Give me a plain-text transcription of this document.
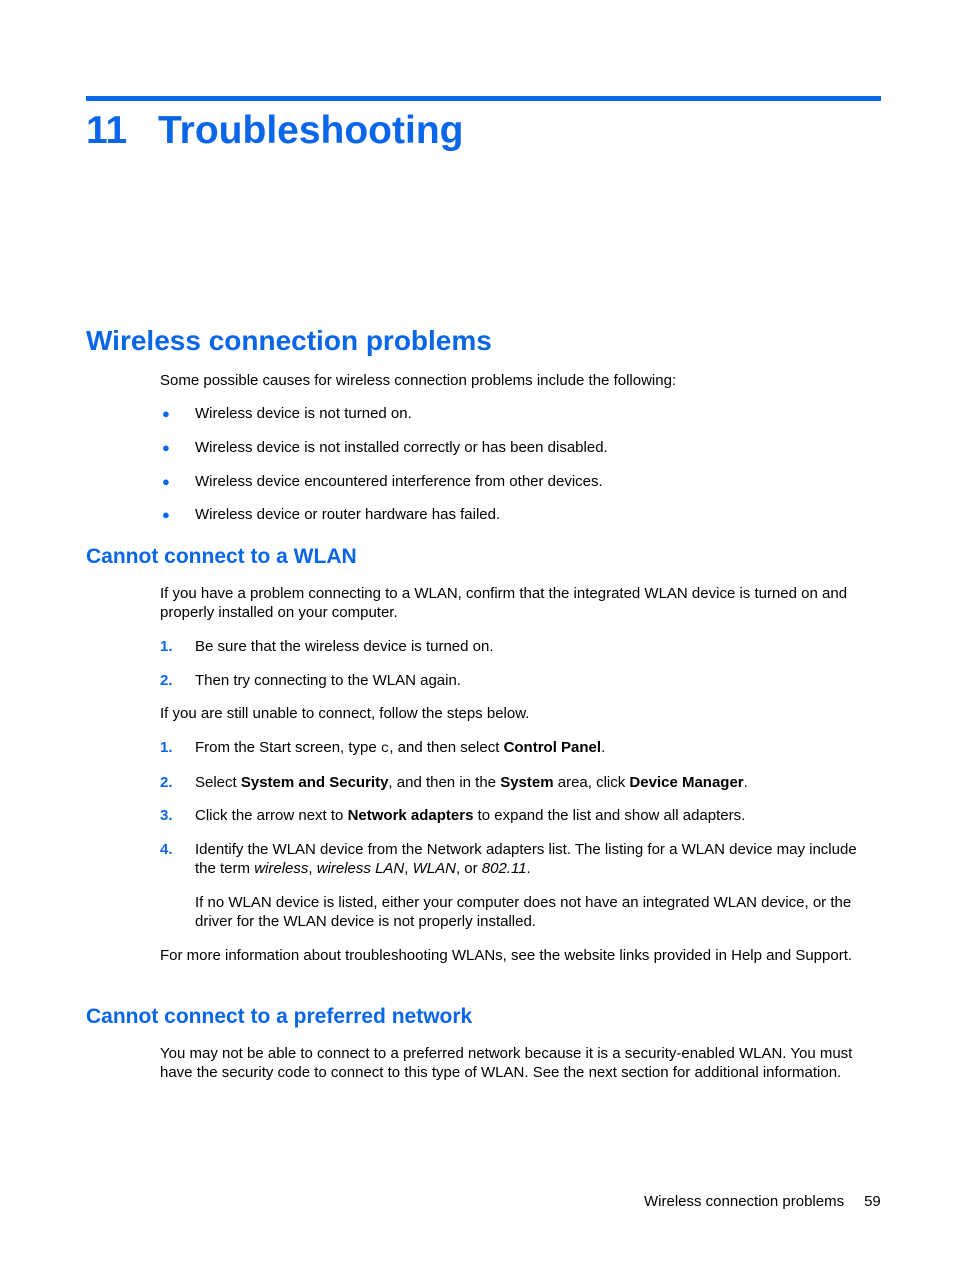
11 Troubleshooting
Wireless connection problems

Some possible causes for wireless connection problems include the following:

● Wireless device is not turned on.
● Wireless device is not installed correctly or has been disabled.
● Wireless device encountered interference from other devices.
● Wireless device or router hardware has failed.
Cannot connect to a WLAN

If you have a problem connecting to a WLAN, confirm that the integrated WLAN device is turned on and properly installed on your computer.

1. Be sure that the wireless device is turned on.
2. Then try connecting to the WLAN again.

If you are still unable to connect, follow the steps below.

1. From the Start screen, type c, and then select Control Panel.
2. Select System and Security, and then in the System area, click Device Manager.
3. Click the arrow next to Network adapters to expand the list and show all adapters.
4. Identify the WLAN device from the Network adapters list. The listing for a WLAN device may include the term wireless, wireless LAN, WLAN, or 802.11.

If no WLAN device is listed, either your computer does not have an integrated WLAN device, or the driver for the WLAN device is not properly installed.

For more information about troubleshooting WLANs, see the website links provided in Help and Support.

Cannot connect to a preferred network

You may not be able to connect to a preferred network because it is a security-enabled WLAN. You must have the security code to connect to this type of WLAN. See the next section for additional information.

Wireless connection problems 59
